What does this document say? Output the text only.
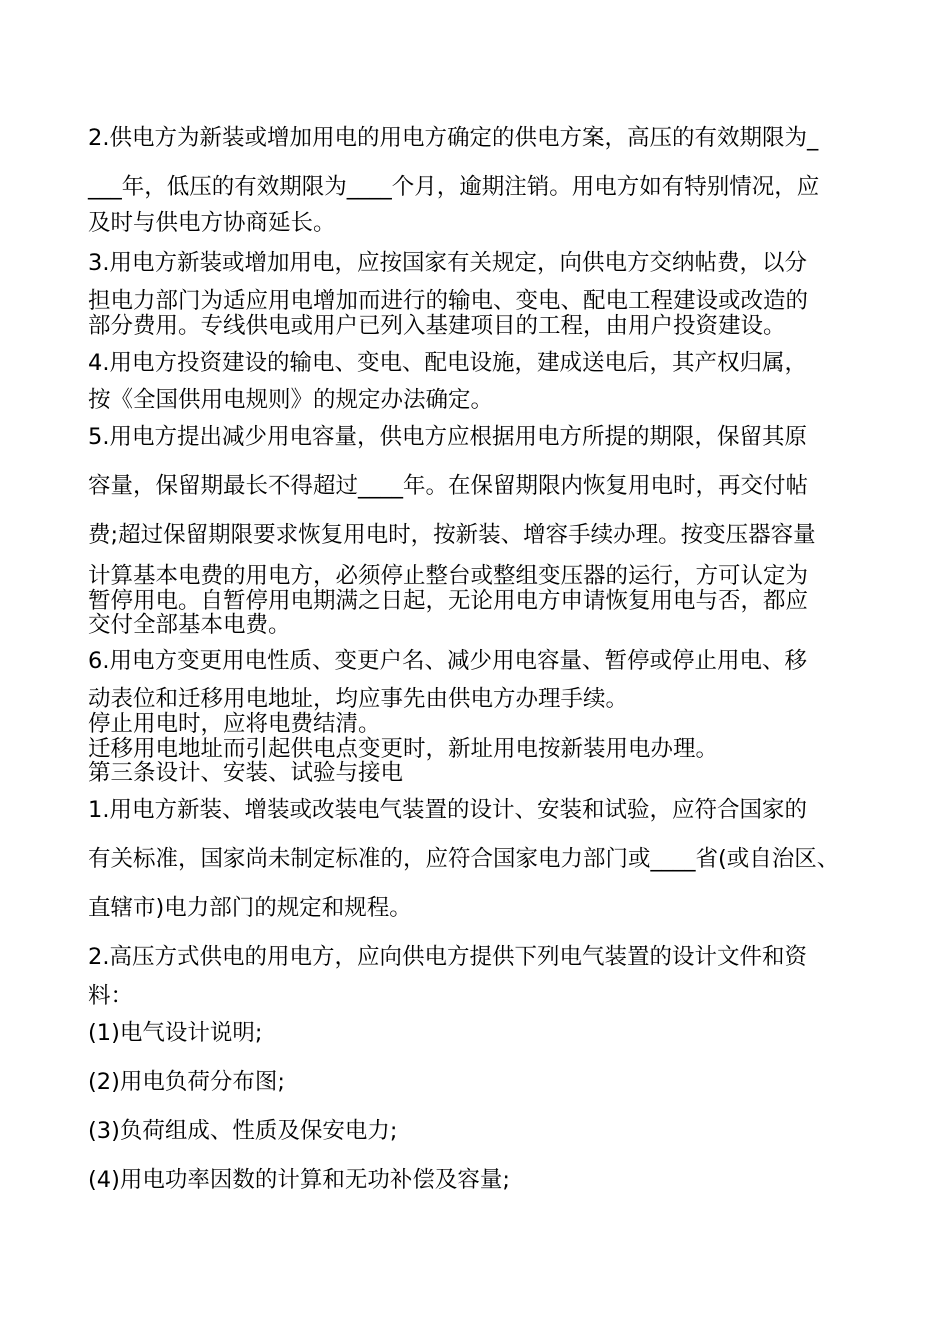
2.供电方为新装或增加用电的用电方确定的供电方案，高压的有效期限为_
___年，低压的有效期限为____个月，逾期注销。用电方如有特别情况，应
及时与供电方协商延长。
3.用电方新装或增加用电，应按国家有关规定，向供电方交纳帖费，以分
担电力部门为适应用电增加而进行的输电、变电、配电工程建设或改造的
部分费用。专线供电或用户已列入基建项目的工程，由用户投资建设。
4.用电方投资建设的输电、变电、配电设施，建成送电后，其产权归属，
按《全国供用电规则》的规定办法确定。
5.用电方提出减少用电容量，供电方应根据用电方所提的期限，保留其原
容量，保留期最长不得超过____年。在保留期限内恢复用电时，再交付帖
费;超过保留期限要求恢复用电时，按新装、增容手续办理。按变压器容量
计算基本电费的用电方，必须停止整台或整组变压器的运行，方可认定为
暂停用电。自暂停用电期满之日起，无论用电方申请恢复用电与否，都应
交付全部基本电费。
6.用电方变更用电性质、变更户名、减少用电容量、暂停或停止用电、移
动表位和迁移用电地址，均应事先由供电方办理手续。
停止用电时，应将电费结清。
迁移用电地址而引起供电点变更时，新址用电按新装用电办理。
第三条设计、安装、试验与接电
1.用电方新装、增装或改装电气装置的设计、安装和试验，应符合国家的
有关标准，国家尚未制定标准的，应符合国家电力部门或____省(或自治区、
直辖市)电力部门的规定和规程。
2.高压方式供电的用电方，应向供电方提供下列电气装置的设计文件和资
料：
(1)电气设计说明;
(2)用电负荷分布图;
(3)负荷组成、性质及保安电力;
(4)用电功率因数的计算和无功补偿及容量;
